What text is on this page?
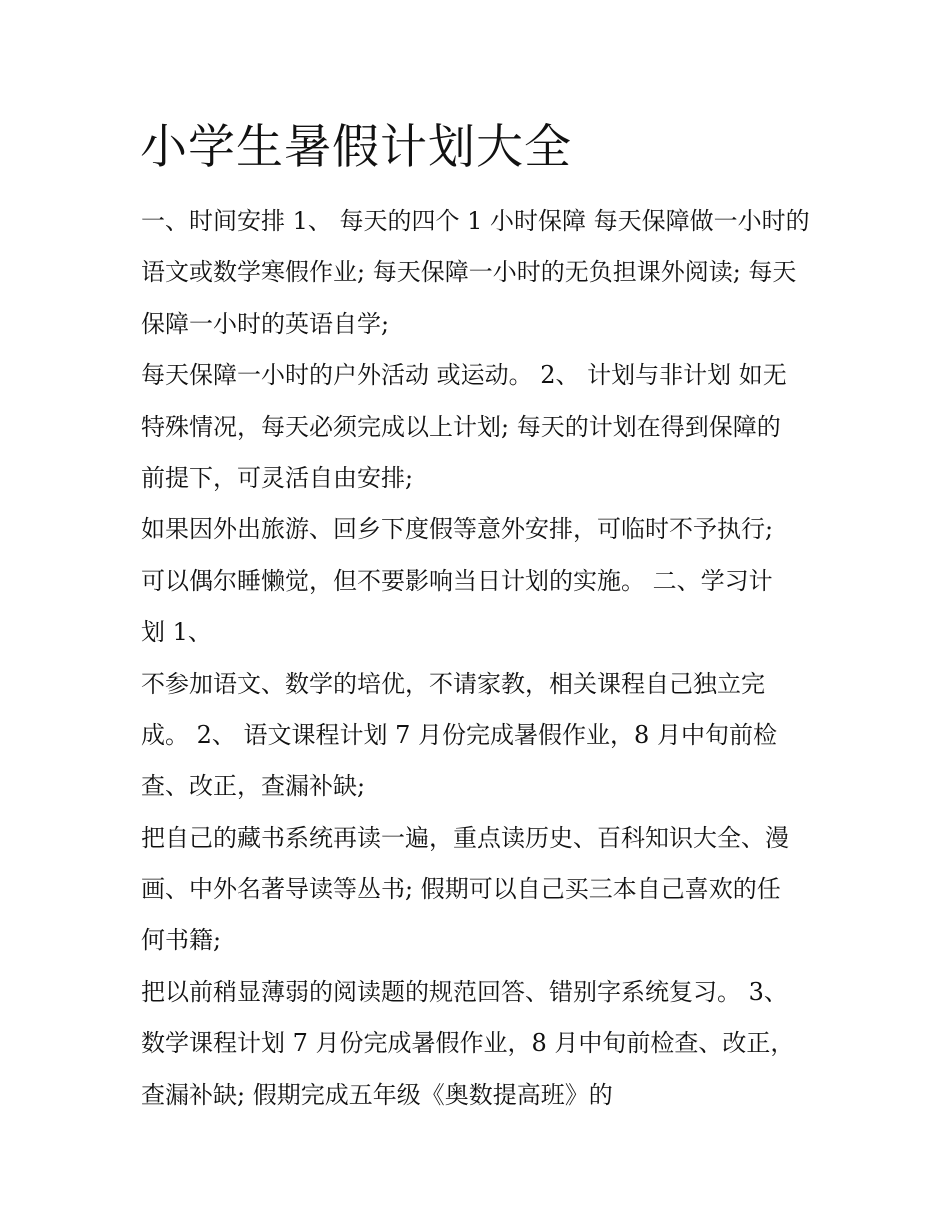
小学生暑假计划大全
一、时间安排 1、 每天的四个 1 小时保障 每天保障做一小时的
语文或数学寒假作业; 每天保障一小时的无负担课外阅读; 每天
保障一小时的英语自学;
每天保障一小时的户外活动 或运动。 2、 计划与非计划 如无
特殊情况，每天必须完成以上计划; 每天的计划在得到保障的
前提下，可灵活自由安排;
如果因外出旅游、回乡下度假等意外安排，可临时不予执行;
可以偶尔睡懒觉，但不要影响当日计划的实施。 二、学习计
划 1、
不参加语文、数学的培优，不请家教，相关课程自己独立完
成。 2、 语文课程计划 7 月份完成暑假作业，8 月中旬前检
查、改正，查漏补缺;
把自己的藏书系统再读一遍，重点读历史、百科知识大全、漫
画、中外名著导读等丛书; 假期可以自己买三本自己喜欢的任
何书籍;
把以前稍显薄弱的阅读题的规范回答、错别字系统复习。 3、
数学课程计划 7 月份完成暑假作业，8 月中旬前检查、改正，
查漏补缺; 假期完成五年级《奥数提高班》的
